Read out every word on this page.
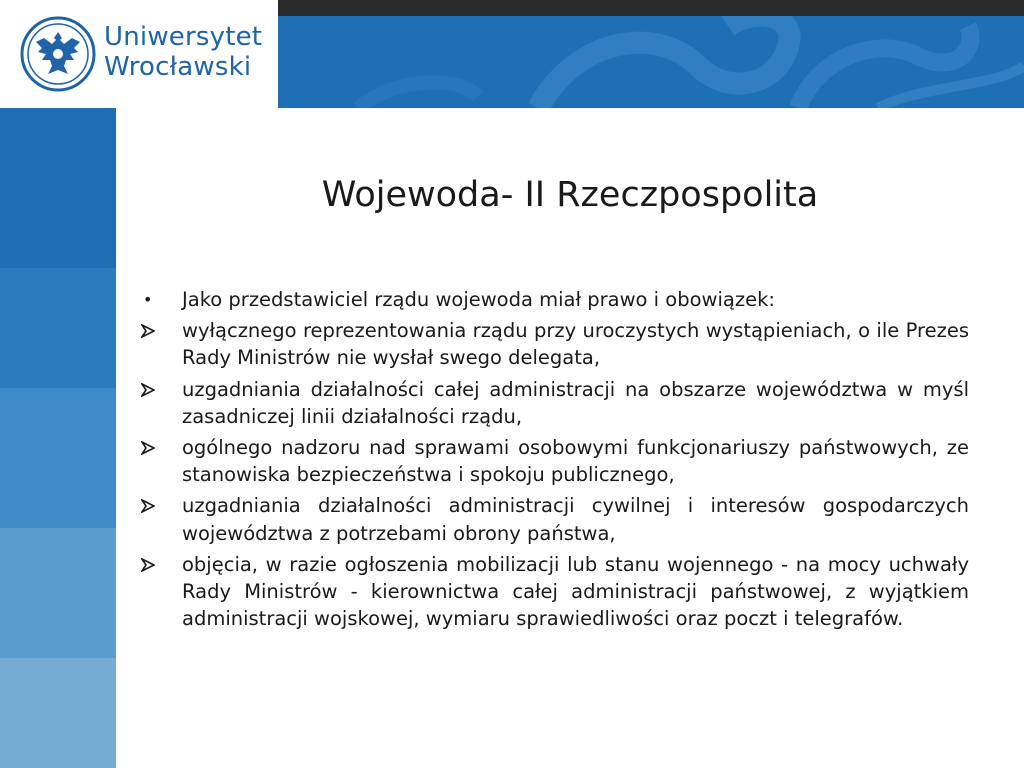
Uniwersytet
Wrocławski
Wojewoda- II Rzeczpospolita
•	Jako przedstawiciel rządu wojewoda miał prawo i obowiązek:
wyłącznego reprezentowania rządu przy uroczystych wystąpieniach, o ile Prezes Rady Ministrów nie wysłał swego delegata,
uzgadniania działalności całej administracji na obszarze województwa w myśl zasadniczej linii działalności rządu,
ogólnego nadzoru nad sprawami osobowymi funkcjonariuszy państwowych, ze stanowiska bezpieczeństwa i spokoju publicznego,
uzgadniania działalności administracji cywilnej i interesów gospodarczych województwa z potrzebami obrony państwa,
objęcia, w razie ogłoszenia mobilizacji lub stanu wojennego - na mocy uchwały Rady Ministrów - kierownictwa całej administracji państwowej, z wyjątkiem administracji wojskowej, wymiaru sprawiedliwości oraz poczt i telegrafów.
